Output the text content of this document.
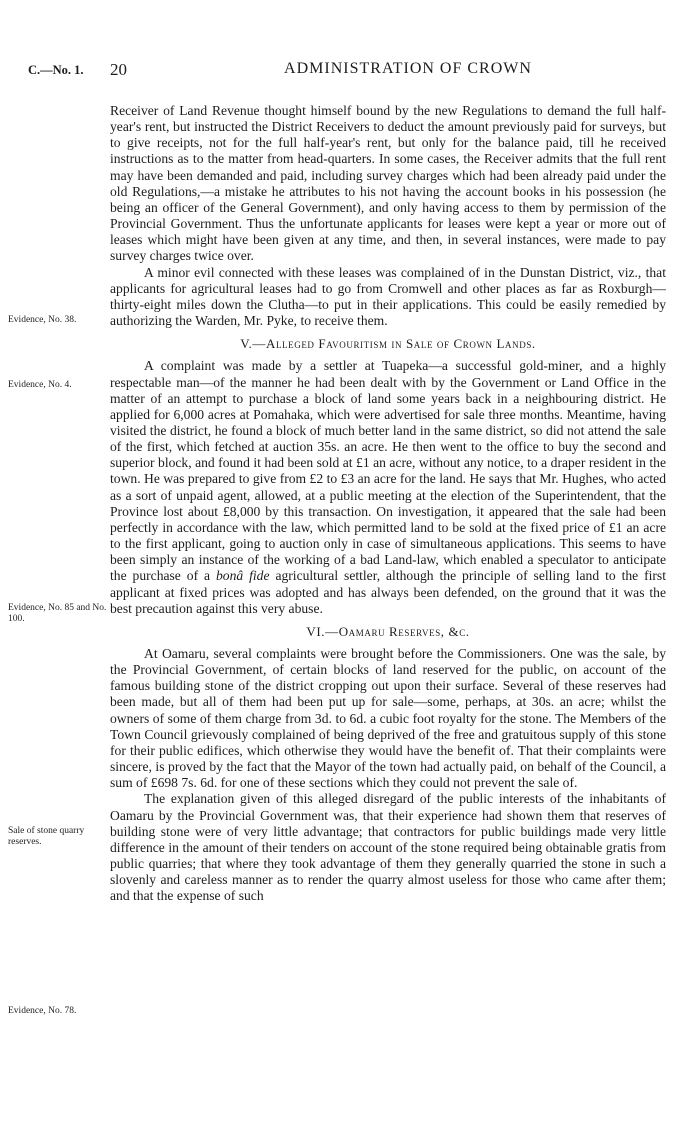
C.—No. 1. 20	ADMINISTRATION OF CROWN
Evidence, No. 38.
Evidence, No. 4.
Evidence, No. 85 and No. 100.
Sale of stone quarry reserves.
Evidence, No. 78.

Receiver of Land Revenue thought himself bound by the new Regulations to demand the full half-year's rent, but instructed the District Receivers to deduct the amount previously paid for surveys, but to give receipts, not for the full half-year's rent, but only for the balance paid, till he received instructions as to the matter from head-quarters. In some cases, the Receiver admits that the full rent may have been demanded and paid, including survey charges which had been already paid under the old Regulations,—a mistake he attributes to his not having the account books in his possession (he being an officer of the General Government), and only having access to them by permission of the Provincial Government. Thus the unfortunate applicants for leases were kept a year or more out of leases which might have been given at any time, and then, in several instances, were made to pay survey charges twice over.

A minor evil connected with these leases was complained of in the Dunstan District, viz., that applicants for agricultural leases had to go from Cromwell and other places as far as Roxburgh—thirty-eight miles down the Clutha—to put in their applications. This could be easily remedied by authorizing the Warden, Mr. Pyke, to receive them.

V.—Alleged Favouritism in Sale of Crown Lands.

A complaint was made by a settler at Tuapeka—a successful gold-miner, and a highly respectable man—of the manner he had been dealt with by the Government or Land Office in the matter of an attempt to purchase a block of land some years back in a neighbouring district. He applied for 6,000 acres at Pomahaka, which were advertised for sale three months. Meantime, having visited the district, he found a block of much better land in the same district, so did not attend the sale of the first, which fetched at auction 35s. an acre. He then went to the office to buy the second and superior block, and found it had been sold at £1 an acre, without any notice, to a draper resident in the town. He was prepared to give from £2 to £3 an acre for the land. He says that Mr. Hughes, who acted as a sort of unpaid agent, allowed, at a public meeting at the election of the Superintendent, that the Province lost about £8,000 by this transaction. On investigation, it appeared that the sale had been perfectly in accordance with the law, which permitted land to be sold at the fixed price of £1 an acre to the first applicant, going to auction only in case of simultaneous applications. This seems to have been simply an instance of the working of a bad Land-law, which enabled a speculator to anticipate the purchase of a bonâ fide agricultural settler, although the principle of selling land to the first applicant at fixed prices was adopted and has always been defended, on the ground that it was the best precaution against this very abuse.

VI.—Oamaru Reserves, &c.

At Oamaru, several complaints were brought before the Commissioners. One was the sale, by the Provincial Government, of certain blocks of land reserved for the public, on account of the famous building stone of the district cropping out upon their surface. Several of these reserves had been made, but all of them had been put up for sale—some, perhaps, at 30s. an acre; whilst the owners of some of them charge from 3d. to 6d. a cubic foot royalty for the stone. The Members of the Town Council grievously complained of being deprived of the free and gratuitous supply of this stone for their public edifices, which otherwise they would have the benefit of. That their complaints were sincere, is proved by the fact that the Mayor of the town had actually paid, on behalf of the Council, a sum of £698 7s. 6d. for one of these sections which they could not prevent the sale of.

The explanation given of this alleged disregard of the public interests of the inhabitants of Oamaru by the Provincial Government was, that their experience had shown them that reserves of building stone were of very little advantage; that contractors for public buildings made very little difference in the amount of their tenders on account of the stone required being obtainable gratis from public quarries; that where they took advantage of them they generally quarried the stone in such a slovenly and careless manner as to render the quarry almost useless for those who came after them; and that the expense of such
